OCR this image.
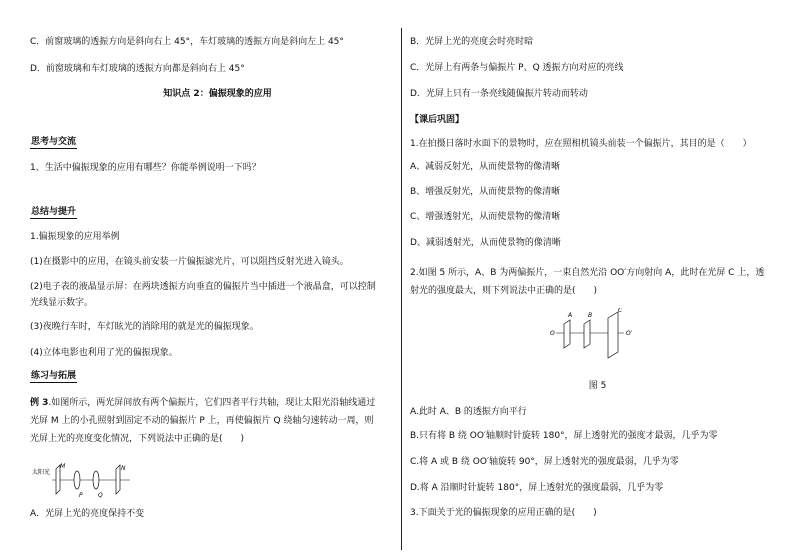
C．前窗玻璃的透振方向是斜向右上 45°，车灯玻璃的透振方向是斜向左上 45°
D．前窗玻璃和车灯玻璃的透振方向都是斜向右上 45°
知识点 2：偏振现象的应用
思考与交流
1、生活中偏振现象的应用有哪些？你能举例说明一下吗？
总结与提升
1.偏振现象的应用举例
(1)在摄影中的应用，在镜头前安装一片偏振滤光片，可以阻挡反射光进入镜头。
(2)电子表的液晶显示屏：在两块透振方向垂直的偏振片当中插进一个液晶盒，可以控制
光线显示数字。
(3)夜晚行车时，车灯眩光的消除用的就是光的偏振现象。
(4)立体电影也利用了光的偏振现象。
练习与拓展
例 3.如图所示，两光屏间放有两个偏振片，它们四者平行共轴，现让太阳光沿轴线通过
光屏 M 上的小孔照射到固定不动的偏振片 P 上，再使偏振片 Q 绕轴匀速转动一周，则
光屏上光的亮度变化情况，下列说法中正确的是(　　)
太阳光
M
P	Q
N
A．光屏上光的亮度保持不变
B．光屏上光的亮度会时亮时暗
C．光屏上有两条与偏振片 P、Q 透振方向对应的亮线
D．光屏上只有一条亮线随偏振片转动而转动
【课后巩固】
1.在拍摄日落时水面下的景物时，应在照相机镜头前装一个偏振片，其目的是（　　）
A、减弱反射光，从而使景物的像清晰
B、增强反射光，从而使景物的像清晰
C、增强透射光，从而使景物的像清晰
D、减弱透射光，从而使景物的像清晰
2.如图 5 所示，A、B 为两偏振片，一束自然光沿 OO′方向射向 A，此时在光屏 C 上，透
射光的强度最大，则下列说法中正确的是(　　)
O
A	B
C
O′
图 5
A.此时 A、B 的透振方向平行
B.只有将 B 绕 OO′轴顺时针旋转 180°，屏上透射光的强度才最弱，几乎为零
C.将 A 或 B 绕 OO′轴旋转 90°，屏上透射光的强度最弱，几乎为零
D.将 A 沿顺时针旋转 180°，屏上透射光的强度最弱，几乎为零
3.下面关于光的偏振现象的应用正确的是(　　)
